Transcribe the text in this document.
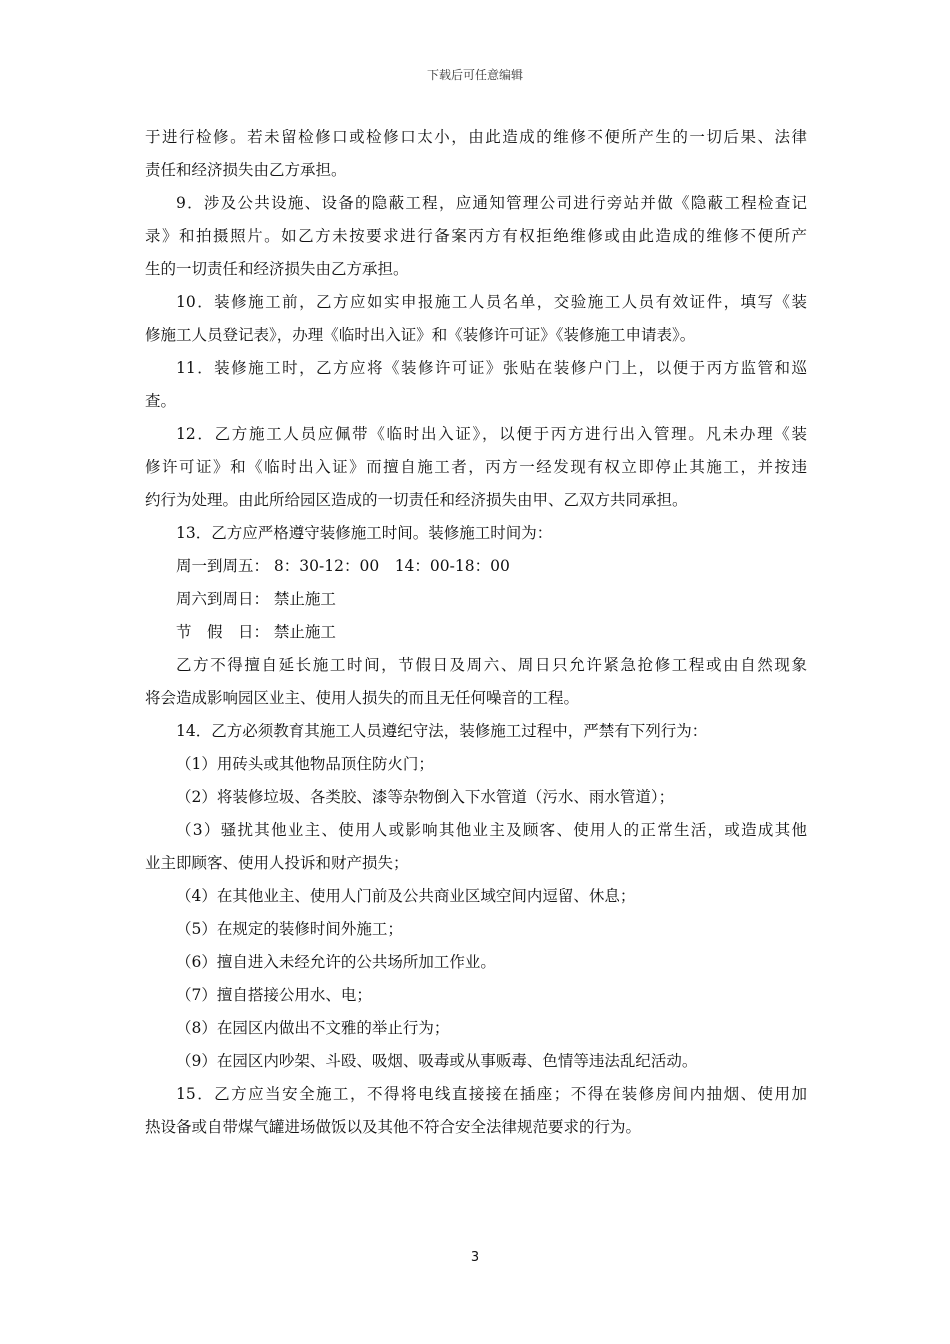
下载后可任意编辑
于进行检修。若未留检修口或检修口太小，由此造成的维修不便所产生的一切后果、法律
责任和经济损失由乙方承担。
9．涉及公共设施、设备的隐蔽工程，应通知管理公司进行旁站并做《隐蔽工程检查记
录》和拍摄照片。如乙方未按要求进行备案丙方有权拒绝维修或由此造成的维修不便所产
生的一切责任和经济损失由乙方承担。
10．装修施工前，乙方应如实申报施工人员名单，交验施工人员有效证件，填写《装
修施工人员登记表》，办理《临时出入证》和《装修许可证》《装修施工申请表》。
11．装修施工时，乙方应将《装修许可证》张贴在装修户门上，以便于丙方监管和巡
查。
12．乙方施工人员应佩带《临时出入证》，以便于丙方进行出入管理。凡未办理《装
修许可证》和《临时出入证》而擅自施工者，丙方一经发现有权立即停止其施工，并按违
约行为处理。由此所给园区造成的一切责任和经济损失由甲、乙双方共同承担。
13．乙方应严格遵守装修施工时间。装修施工时间为：
周一到周五： 8：30-12：00　14：00-18：00
周六到周日： 禁止施工
节　假　日： 禁止施工
乙方不得擅自延长施工时间，节假日及周六、周日只允许紧急抢修工程或由自然现象
将会造成影响园区业主、使用人损失的而且无任何噪音的工程。
14．乙方必须教育其施工人员遵纪守法，装修施工过程中，严禁有下列行为：
（1）用砖头或其他物品顶住防火门；
（2）将装修垃圾、各类胶、漆等杂物倒入下水管道（污水、雨水管道）；
（3）骚扰其他业主、使用人或影响其他业主及顾客、使用人的正常生活，或造成其他
业主即顾客、使用人投诉和财产损失；
（4）在其他业主、使用人门前及公共商业区域空间内逗留、休息；
（5）在规定的装修时间外施工；
（6）擅自进入未经允许的公共场所加工作业。
（7）擅自搭接公用水、电；
（8）在园区内做出不文雅的举止行为；
（9）在园区内吵架、斗殴、吸烟、吸毒或从事贩毒、色情等违法乱纪活动。
15．乙方应当安全施工，不得将电线直接接在插座；不得在装修房间内抽烟、使用加
热设备或自带煤气罐进场做饭以及其他不符合安全法律规范要求的行为。
3
